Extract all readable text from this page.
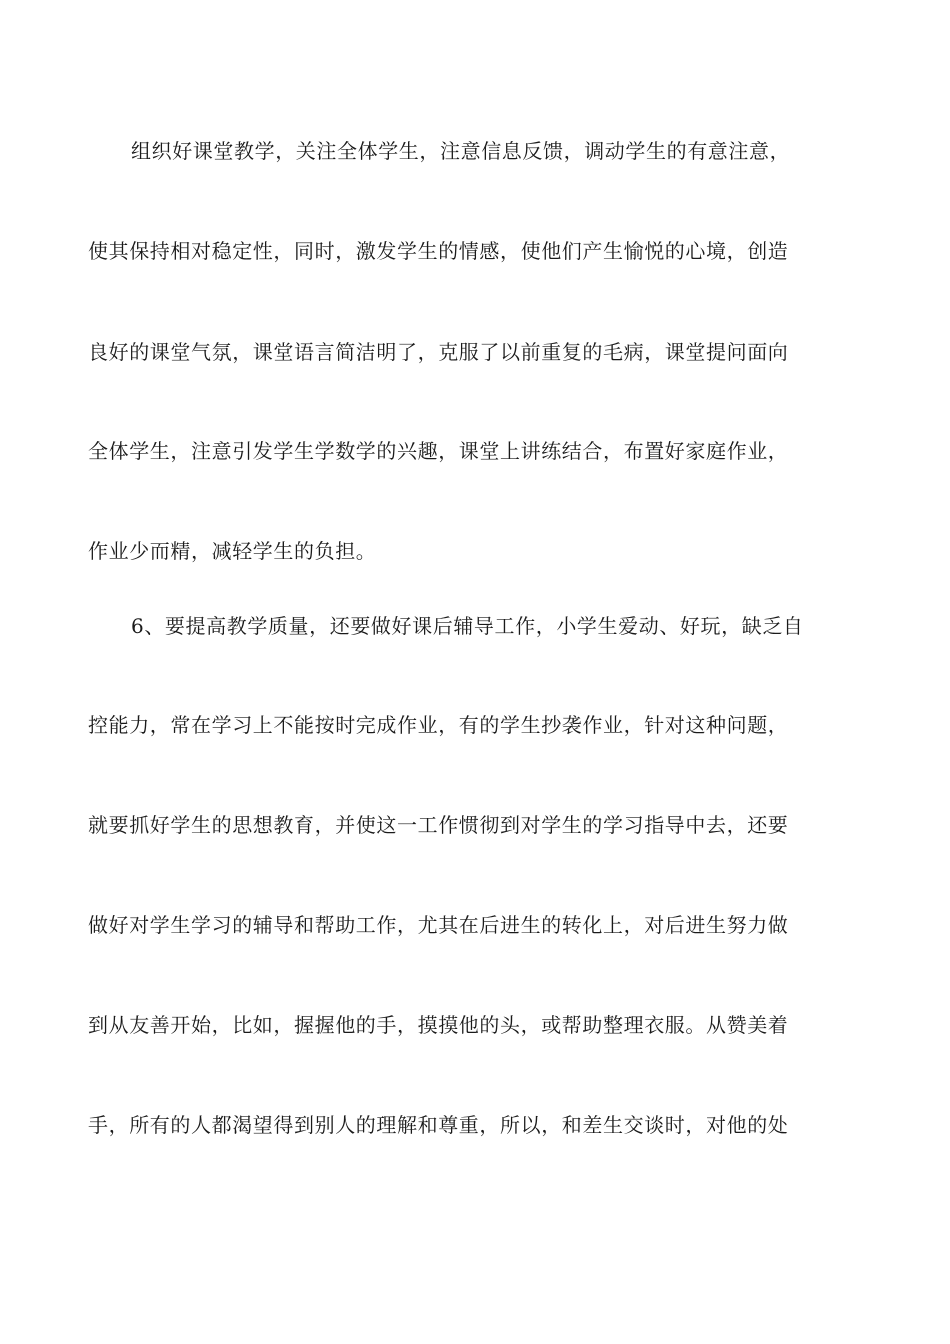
组织好课堂教学，关注全体学生，注意信息反馈，调动学生的有意注意，
使其保持相对稳定性，同时，激发学生的情感，使他们产生愉悦的心境，创造
良好的课堂气氛，课堂语言简洁明了，克服了以前重复的毛病，课堂提问面向
全体学生，注意引发学生学数学的兴趣，课堂上讲练结合，布置好家庭作业，
作业少而精，减轻学生的负担。
6、要提高教学质量，还要做好课后辅导工作，小学生爱动、好玩，缺乏自
控能力，常在学习上不能按时完成作业，有的学生抄袭作业，针对这种问题，
就要抓好学生的思想教育，并使这一工作惯彻到对学生的学习指导中去，还要
做好对学生学习的辅导和帮助工作，尤其在后进生的转化上，对后进生努力做
到从友善开始，比如，握握他的手，摸摸他的头，或帮助整理衣服。从赞美着
手，所有的人都渴望得到别人的理解和尊重，所以，和差生交谈时，对他的处
